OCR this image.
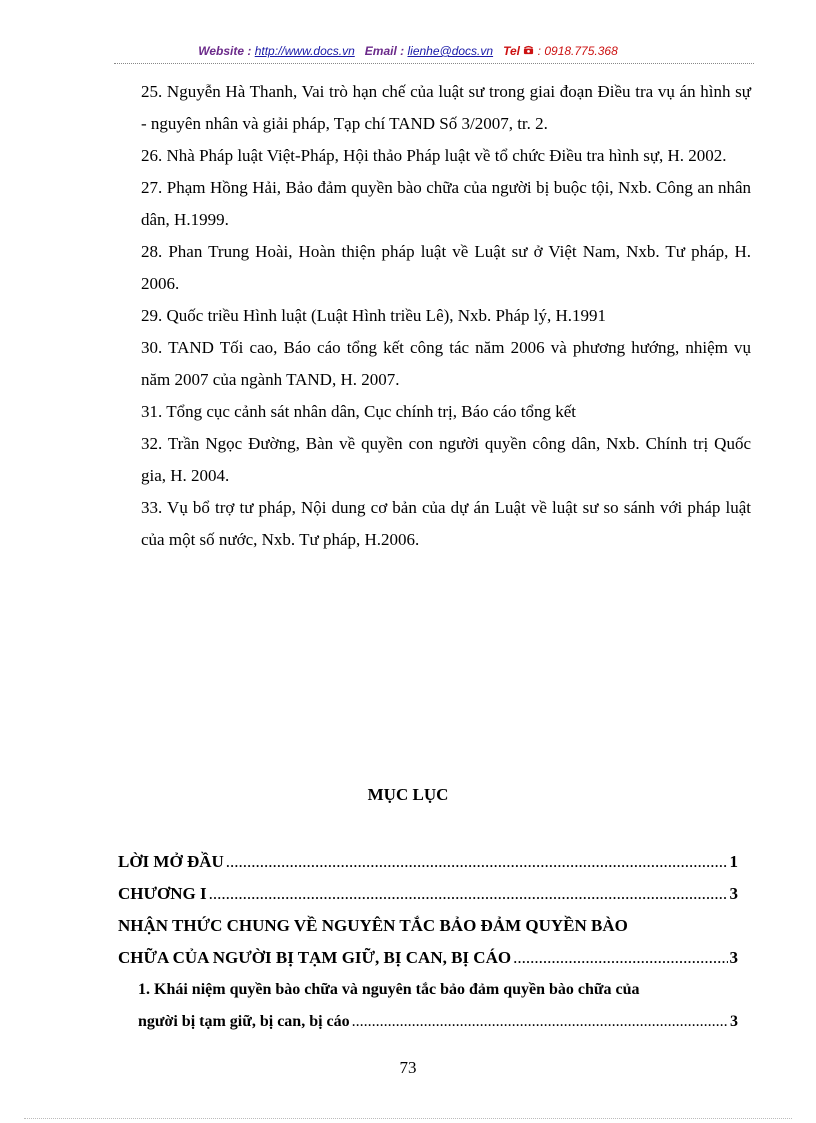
Website : http://www.docs.vn Email : lienhe@docs.vn Tel : 0918.775.368

25. Nguyễn Hà Thanh, Vai trò hạn chế của luật sư trong giai đoạn Điều tra vụ án hình sự - nguyên nhân và giải pháp, Tạp chí TAND Số 3/2007, tr. 2.

26. Nhà Pháp luật Việt-Pháp, Hội thảo Pháp luật về tổ chức Điều tra hình sự, H. 2002.

27. Phạm Hồng Hải, Bảo đảm quyền bào chữa của người bị buộc tội, Nxb. Công an nhân dân, H.1999.

28. Phan Trung Hoài, Hoàn thiện pháp luật về Luật sư ở Việt Nam, Nxb. Tư pháp, H. 2006.

29. Quốc triều Hình luật (Luật Hình triều Lê), Nxb. Pháp lý, H.1991

30. TAND Tối cao, Báo cáo tổng kết công tác năm 2006 và phương hướng, nhiệm vụ năm 2007 của ngành TAND, H. 2007.

31. Tổng cục cảnh sát nhân dân, Cục chính trị, Báo cáo tổng kết

32. Trần Ngọc Đường, Bàn về quyền con người quyền công dân, Nxb. Chính trị Quốc gia, H. 2004.

33. Vụ bổ trợ tư pháp, Nội dung cơ bản của dự án Luật về luật sư so sánh với pháp luật của một số nước, Nxb. Tư pháp, H.2006.

MỤC LỤC
LỜI MỞ ĐẦU .....	1
CHƯƠNG I .....	3
NHẬN THỨC CHUNG VỀ NGUYÊN TẮC BẢO ĐẢM QUYỀN BÀO
CHỮA CỦA NGƯỜI BỊ TẠM GIỮ, BỊ CAN, BỊ CÁO .....	3
1. Khái niệm quyền bào chữa và nguyên tắc bảo đảm quyền bào chữa của
người bị tạm giữ, bị can, bị cáo .....	3
73
